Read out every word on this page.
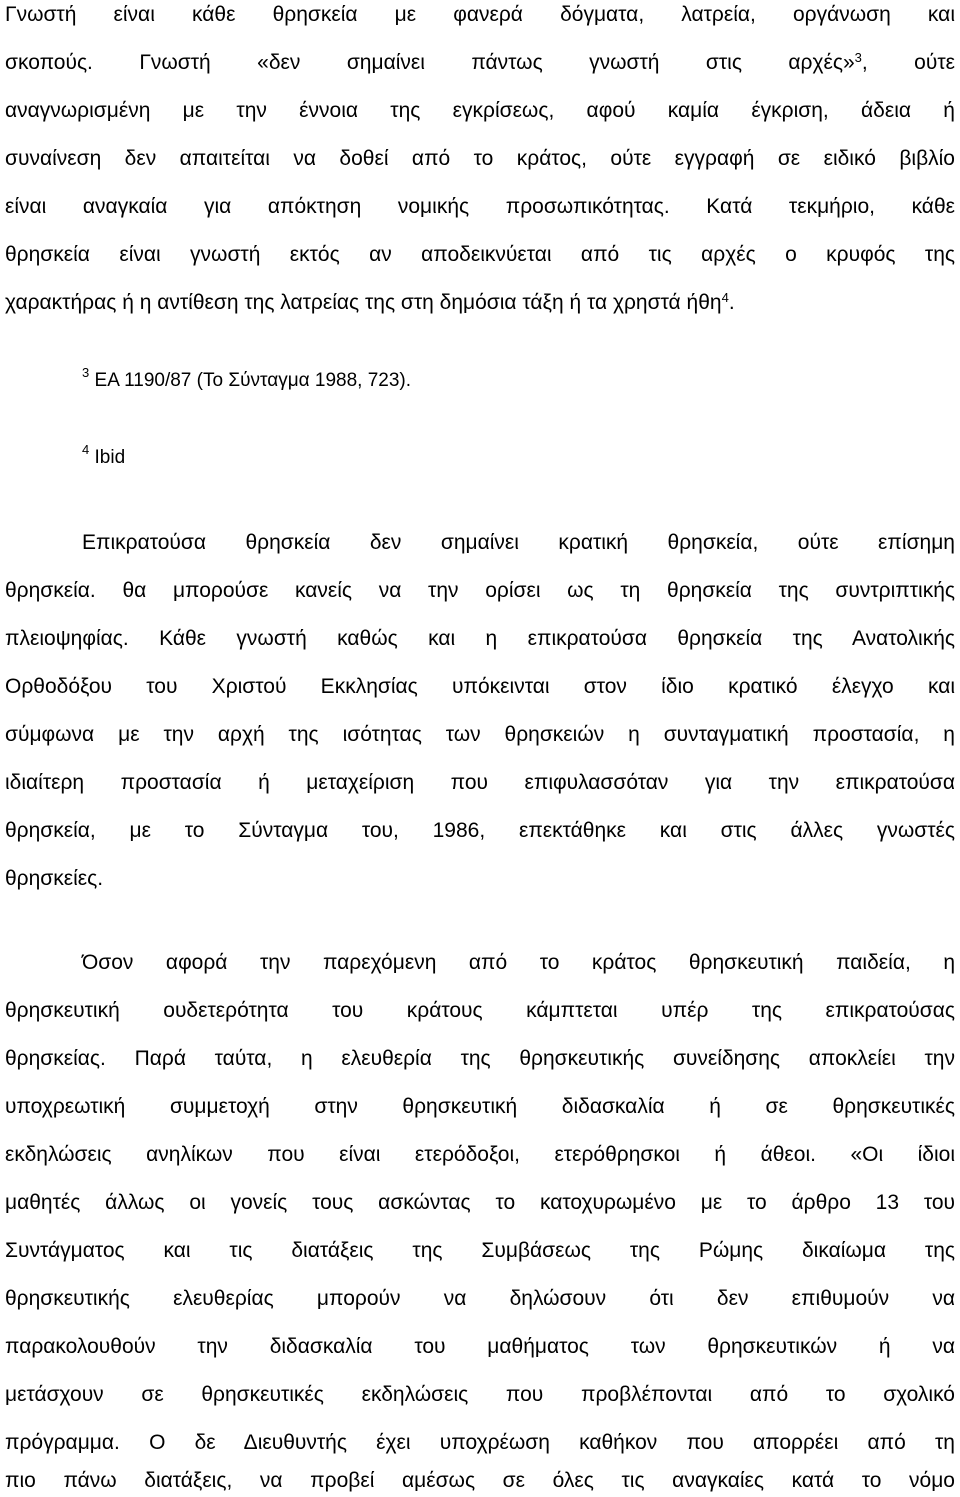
Γνωστή είναι κάθε θρησκεία με φανερά δόγματα, λατρεία, οργάνωση και
σκοπούς. Γνωστή «δεν σημαίνει πάντως γνωστή στις αρχές»$^3$, ούτε
αναγνωρισμένη με την έννοια της εγκρίσεως, αφού καμία έγκριση, άδεια ή
συναίνεση δεν απαιτείται να δοθεί από το κράτος, ούτε εγγραφή σε ειδικό βιβλίο
είναι αναγκαία για απόκτηση νομικής προσωπικότητας. Κατά τεκμήριο, κάθε
θρησκεία είναι γνωστή εκτός αν αποδεικνύεται από τις αρχές ο κρυφός της
χαρακτήρας ή η αντίθεση της λατρείας της στη δημόσια τάξη ή τα χρηστά ήθη$^4$.
$^3$ ΕΑ 1190/87 (Το Σύνταγμα 1988, 723).
$^4$ Ibid
Επικρατούσα θρησκεία δεν σημαίνει κρατική θρησκεία, ούτε επίσημη
θρησκεία. θα μπορούσε κανείς να την ορίσει ως τη θρησκεία της συντριπτικής
πλειοψηφίας. Κάθε γνωστή καθώς και η επικρατούσα θρησκεία της Ανατολικής
Ορθοδόξου του Χριστού Εκκλησίας υπόκεινται στον ίδιο κρατικό έλεγχο και
σύμφωνα με την αρχή της ισότητας των θρησκειών η συνταγματική προστασία, η
ιδιαίτερη προστασία ή μεταχείριση που επιφυλασσόταν για την επικρατούσα
θρησκεία, με το Σύνταγμα του, 1986, επεκτάθηκε και στις άλλες γνωστές
θρησκείες.
Όσον αφορά την παρεχόμενη από το κράτος θρησκευτική παιδεία, η
θρησκευτική ουδετερότητα του κράτους κάμπτεται υπέρ της επικρατούσας
θρησκείας. Παρά ταύτα, η ελευθερία της θρησκευτικής συνείδησης αποκλείει την
υποχρεωτική συμμετοχή στην θρησκευτική διδασκαλία ή σε θρησκευτικές
εκδηλώσεις ανηλίκων που είναι ετερόδοξοι, ετερόθρησκοι ή άθεοι. «Οι ίδιοι
μαθητές άλλως οι γονείς τους ασκώντας το κατοχυρωμένο με το άρθρο 13 του
Συντάγματος και τις διατάξεις της Συμβάσεως της Ρώμης δικαίωμα της
θρησκευτικής ελευθερίας μπορούν να δηλώσουν ότι δεν επιθυμούν να
παρακολουθούν την διδασκαλία του μαθήματος των θρησκευτικών ή να
μετάσχουν σε θρησκευτικές εκδηλώσεις που προβλέπονται από το σχολικό
πρόγραμμα. Ο δε Διευθυντής έχει υποχρέωση καθήκον που απορρέει από τη
πιο πάνω διατάξεις, να προβεί αμέσως σε όλες τις αναγκαίες κατά το νόμο
